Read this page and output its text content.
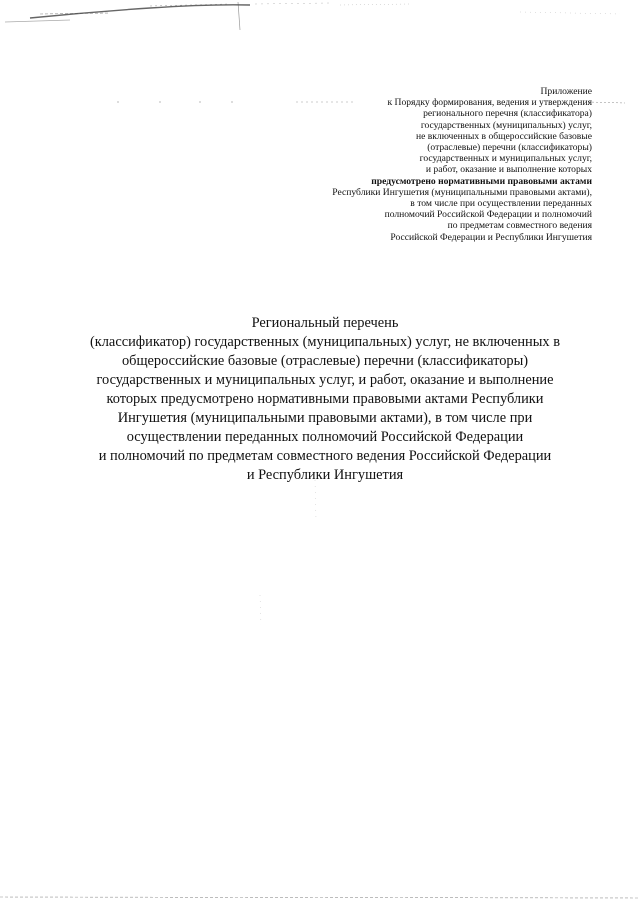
Приложение
к Порядку формирования, ведения и утверждения
регионального перечня (классификатора)
государственных (муниципальных) услуг,
не включенных в общероссийские базовые
(отраслевые) перечни (классификаторы)
государственных и муниципальных услуг,
и работ, оказание и выполнение которых
предусмотрено нормативными правовыми актами
Республики Ингушетия (муниципальными правовыми актами),
в том числе при осуществлении переданных
полномочий Российской Федерации и полномочий
по предметам совместного ведения
Российской Федерации и Республики Ингушетия
Региональный перечень
(классификатор) государственных (муниципальных) услуг, не включенных в
общероссийские базовые (отраслевые) перечни (классификаторы)
государственных и муниципальных услуг, и работ, оказание и выполнение
которых предусмотрено нормативными правовыми актами Республики
Ингушетия (муниципальными правовыми актами), в том числе при
осуществлении переданных полномочий Российской Федерации
и полномочий по предметам совместного ведения Российской Федерации
и Республики Ингушетия
